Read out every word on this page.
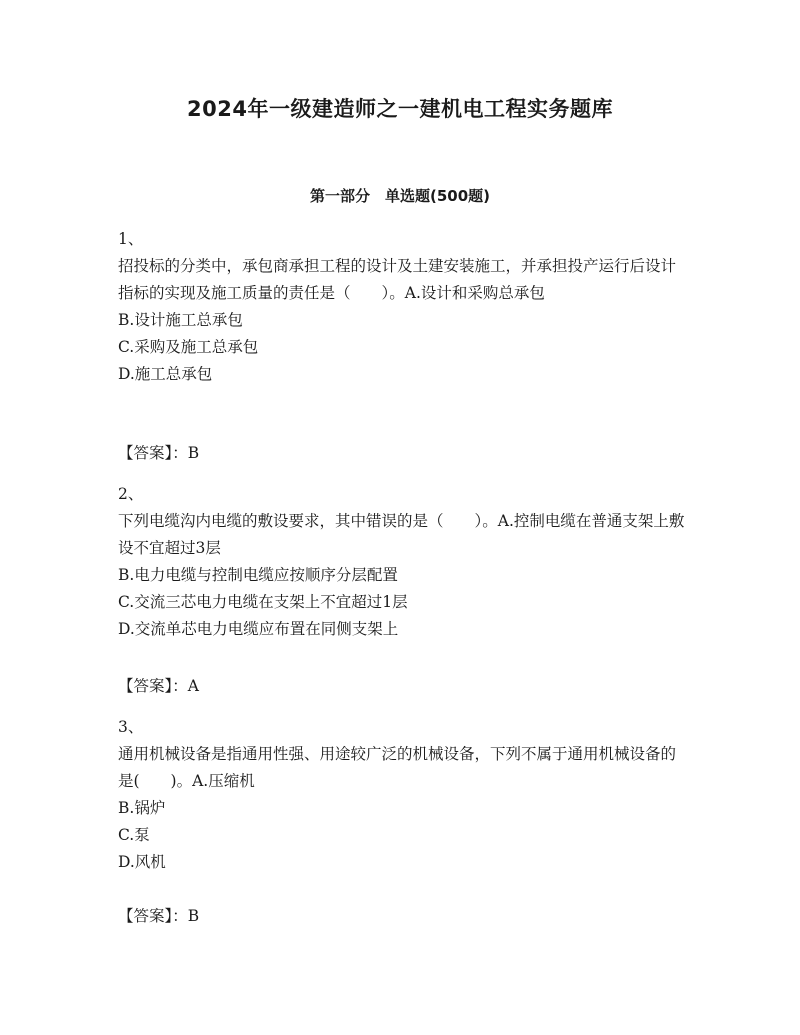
2024年一级建造师之一建机电工程实务题库
第一部分　单选题(500题)
1、
招投标的分类中，承包商承担工程的设计及土建安装施工，并承担投产运行后设计指标的实现及施工质量的责任是（　　）。A.设计和采购总承包
B.设计施工总承包
C.采购及施工总承包
D.施工总承包
【答案】：B
2、
下列电缆沟内电缆的敷设要求，其中错误的是（　　）。A.控制电缆在普通支架上敷设不宜超过3层
B.电力电缆与控制电缆应按顺序分层配置
C.交流三芯电力电缆在支架上不宜超过1层
D.交流单芯电力电缆应布置在同侧支架上
【答案】：A
3、
通用机械设备是指通用性强、用途较广泛的机械设备，下列不属于通用机械设备的是(　　)。A.压缩机
B.锅炉
C.泵
D.风机
【答案】：B
